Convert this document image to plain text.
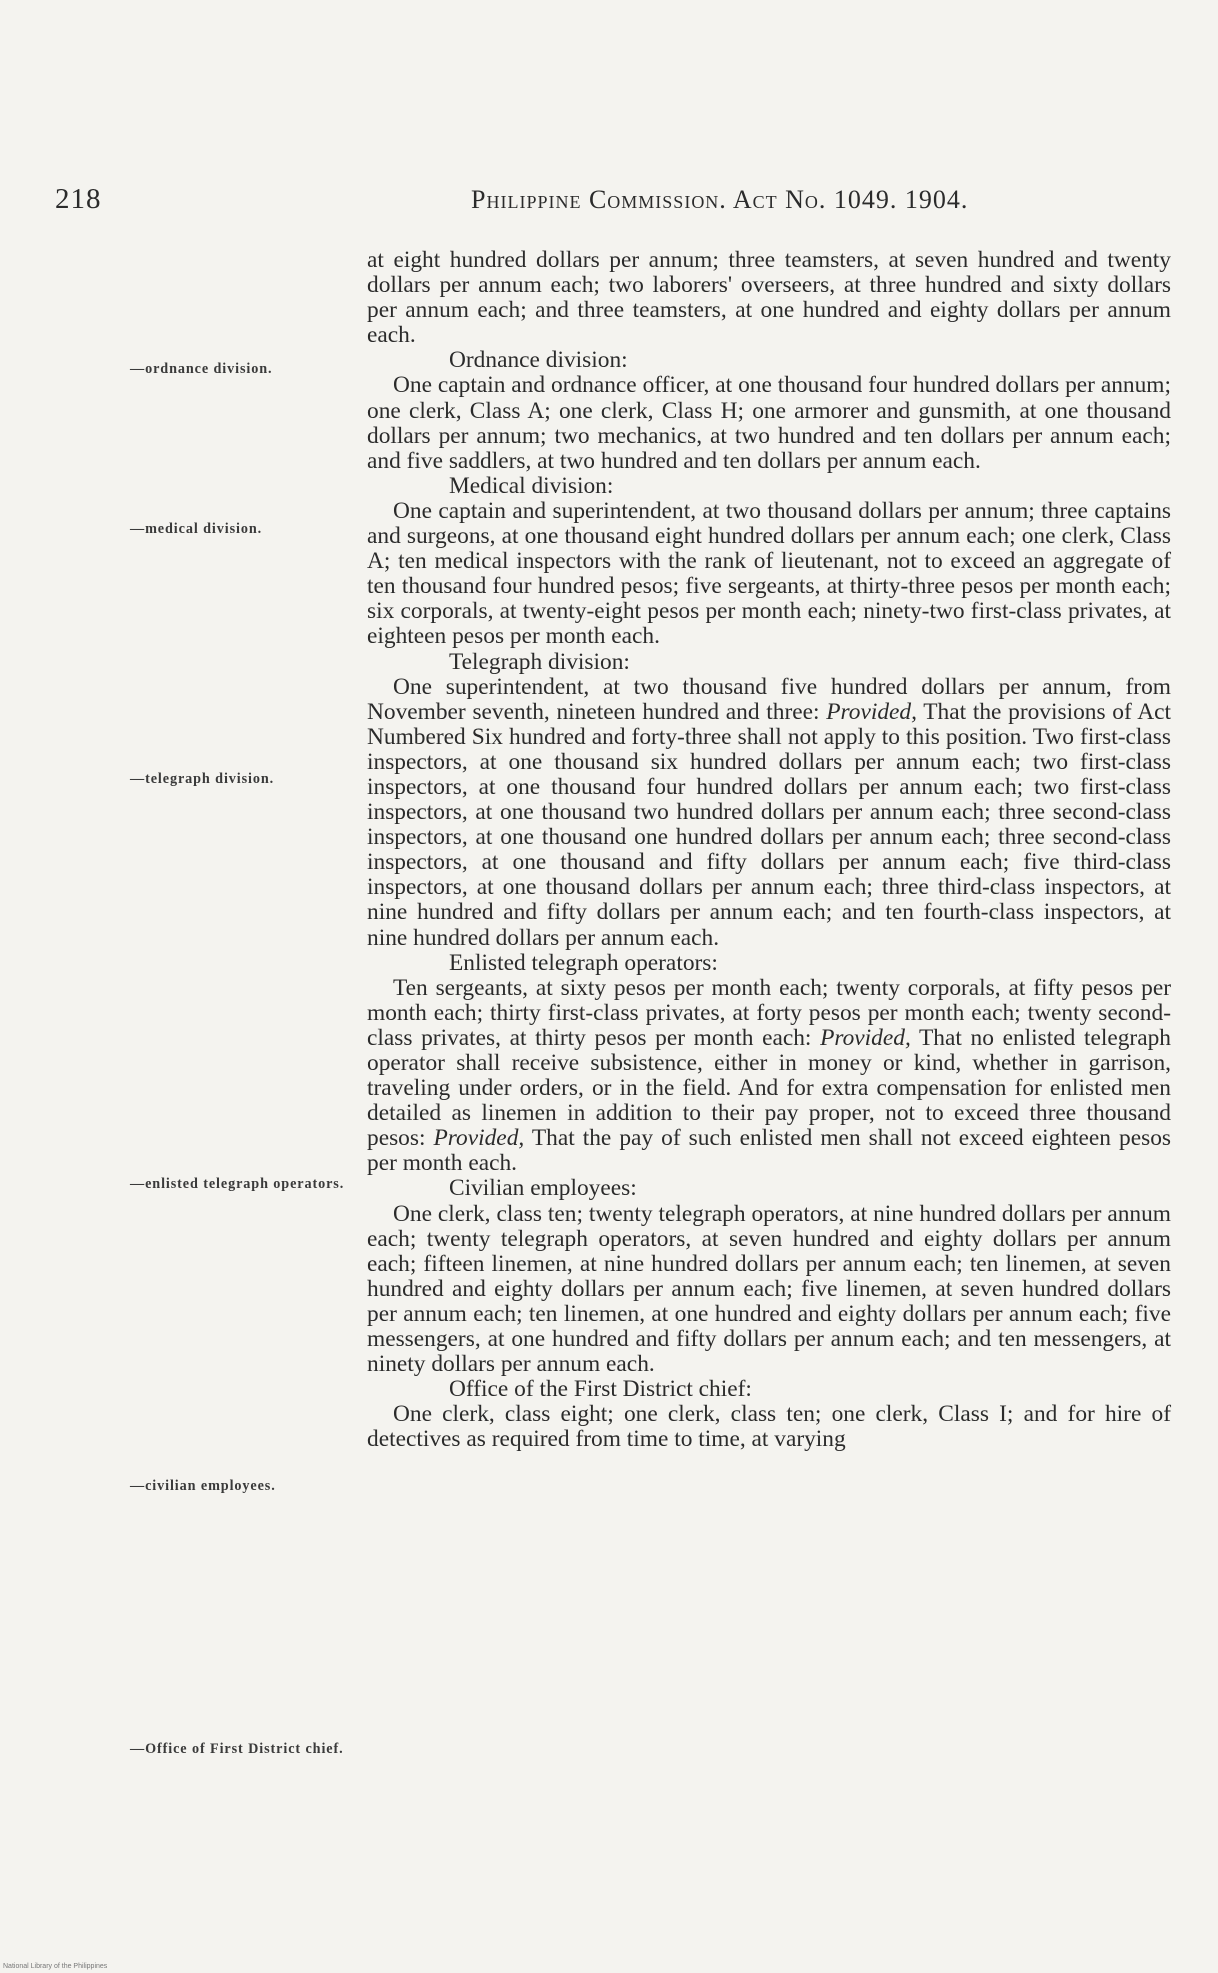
218	Philippine Commission. Act No. 1049. 1904.
—ordnance division.
—medical division.
—telegraph division.
—enlisted telegraph operators.
—civilian employees.
—Office of First District chief.

at eight hundred dollars per annum; three teamsters, at seven hundred and twenty dollars per annum each; two laborers' overseers, at three hundred and sixty dollars per annum each; and three teamsters, at one hundred and eighty dollars per annum each.

Ordnance division:

One captain and ordnance officer, at one thousand four hundred dollars per annum; one clerk, Class A; one clerk, Class H; one armorer and gunsmith, at one thousand dollars per annum; two mechanics, at two hundred and ten dollars per annum each; and five saddlers, at two hundred and ten dollars per annum each.

Medical division:

One captain and superintendent, at two thousand dollars per annum; three captains and surgeons, at one thousand eight hundred dollars per annum each; one clerk, Class A; ten medical inspectors with the rank of lieutenant, not to exceed an aggregate of ten thousand four hundred pesos; five sergeants, at thirty-three pesos per month each; six corporals, at twenty-eight pesos per month each; ninety-two first-class privates, at eighteen pesos per month each.

Telegraph division:

One superintendent, at two thousand five hundred dollars per annum, from November seventh, nineteen hundred and three: Provided, That the provisions of Act Numbered Six hundred and forty-three shall not apply to this position. Two first-class inspectors, at one thousand six hundred dollars per annum each; two first-class inspectors, at one thousand four hundred dollars per annum each; two first-class inspectors, at one thousand two hundred dollars per annum each; three second-class inspectors, at one thousand one hundred dollars per annum each; three second-class inspectors, at one thousand and fifty dollars per annum each; five third-class inspectors, at one thousand dollars per annum each; three third-class inspectors, at nine hundred and fifty dollars per annum each; and ten fourth-class inspectors, at nine hundred dollars per annum each.

Enlisted telegraph operators:

Ten sergeants, at sixty pesos per month each; twenty corporals, at fifty pesos per month each; thirty first-class privates, at forty pesos per month each; twenty second-class privates, at thirty pesos per month each: Provided, That no enlisted telegraph operator shall receive subsistence, either in money or kind, whether in garrison, traveling under orders, or in the field. And for extra compensation for enlisted men detailed as linemen in addition to their pay proper, not to exceed three thousand pesos: Provided, That the pay of such enlisted men shall not exceed eighteen pesos per month each.

Civilian employees:

One clerk, class ten; twenty telegraph operators, at nine hundred dollars per annum each; twenty telegraph operators, at seven hundred and eighty dollars per annum each; fifteen linemen, at nine hundred dollars per annum each; ten linemen, at seven hundred and eighty dollars per annum each; five linemen, at seven hundred dollars per annum each; ten linemen, at one hundred and eighty dollars per annum each; five messengers, at one hundred and fifty dollars per annum each; and ten messengers, at ninety dollars per annum each.

Office of the First District chief:

One clerk, class eight; one clerk, class ten; one clerk, Class I; and for hire of detectives as required from time to time, at varying

National Library of the Philippines
